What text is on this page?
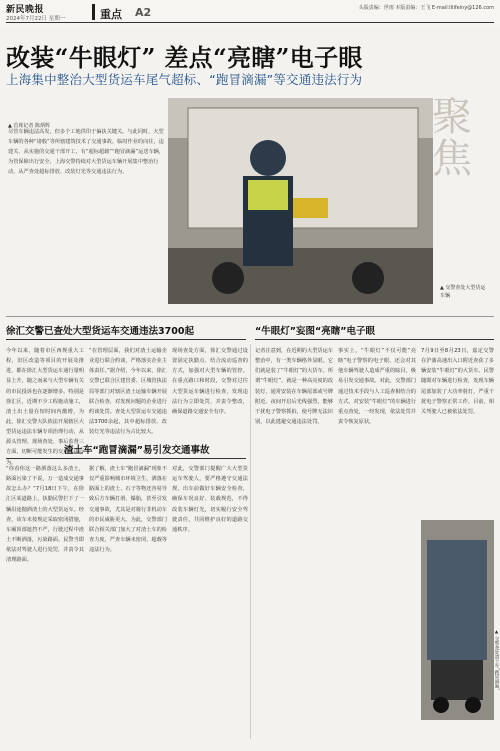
新民晚报
2024年7月22日 星期一	重点 A2	头版责编：世雨 本版责编：王飞 E-mail:lilifeiny@126.com
改装“牛眼灯” 差点“亮瞎”电子眼
上海集中整治大型货运车尾气超标、“跑冒滴漏”等交通违法行为
▲ 首席记者 陈炳辉
尽管车辆违法高发，但多个工地供印于偏执关键关。与此同时，大型车辆的各种“诸般”等所辖建筑技术了交通事故，临时作业的向往，违建关、从实施的交通干部开工，有“超标超载”“跑冒滴漏”运送车辆，为管保障出行安全，上海交警持续对大型货运车辆开展集中整治行动，从严查处超标排放、改装灯光等交通违法行为。
聚焦
▲ 交警查处大型货运车辆
徐汇交警已查处大型货运车交通违法3700起
今年以来，随着市区西规重大工程，旧区改造等项目的开展及推进，都在徐汇大型货运车通行量明显上升，随之而来与大型车辆有关的市民投诉也在逐渐增多。特别是徐汇区，近期不少工程施动施工，渣土出土量在短时间内激增，为此，徐汇交警大队依法开展辖区大型货运违法车辆专项治理行动，从源头管理、现场查处、事后监督三方面，切断可能发生的交通违法行为。
“在管理层面，我们对渣土运输企业进行联合约谈，严格落实企业主体责任。”据介绍，今年以来，徐汇交警已联合区建管委、区城管执法局等部门对辖区渣土运输车辆开展联合检查，对发现问题的企业进行约谈处罚。查处大型货运车交通违法3700余起，其中超标排放、改装灯光等违法行为占比较大。
现场查处方面，徐汇交警通过设置固定执勤点、结合流动巡查的方式，加强对大型车辆的管控。在重点路口和时段，交警对过往大型货运车辆进行检查，发现违法行为立即处罚，并责令整改，确保道路交通安全有序。
“牛眼灯”妄图“亮瞎”电子眼
记者注意到，在近期的大型货运车整治中，有一类车辆格外显眼。它们就是装了“牛眼灯”的大货车。所谓“牛眼灯”，就是一种高亮度的改装灯，通常安装在车辆尾部或号牌附近，夜间开启后光线强烈，能够干扰电子警察抓拍，使号牌无法识别，以此逃避交通违法处罚。
事实上，“牛眼灯”不仅可能“亮瞎”电子警察的电子眼，还会对其他车辆驾驶人造成严重的眩目，极易引发交通事故。对此，交警部门通过技术手段与人工巡查相结合的方式，对安装“牛眼灯”的车辆进行重点查处，一经发现，依法处罚并责令恢复原状。
7月9日至8月23日，嘉定交警在沪蒲高速出入口附近查获了多辆安装“牛眼灯”的大货车。民警随即对车辆进行检查，发现车辆尾部加装了大功率射灯，严重干扰电子警察正常工作。目前，相关驾驶人已被依法处罚。
渣土车“跑冒滴漏”易引发交通事故
“你看你这一路洒落这么多渣土，路面污染了不说，万一造成交通事故怎么办？”7月18日下午，在徐汇区某道路上，执勤民警拦下了一辆沿途抛洒渣土的大型货运车。经查，该车未按规定采取密闭措施，车厢顶部遮挡不严，行驶过程中渣土不断洒落，污染路面。民警当即依法对驾驶人进行处罚，并责令其清理路面。
据了解，渣土车“跑冒滴漏”现象不仅严重影响城市环境卫生，洒落在路面上的渣土、石子等物还容易导致后方车辆打滑、爆胎，甚至引发交通事故，尤其是对骑行非机动车的市民威胁更大。为此，交警部门联合相关部门加大了对渣土车的检查力度，严查车辆未密闭、超载等违法行为。
对此，交警部门提醒广大大型货运车驾驶人，要严格遵守交通法规，出车前做好车辆安全检查，确保车况良好、装载规范，不得改装车辆灯光，切实履行安全驾驶责任，共同维护良好的道路交通秩序。
▲ 交警查处渣土车“跑冒滴漏”
